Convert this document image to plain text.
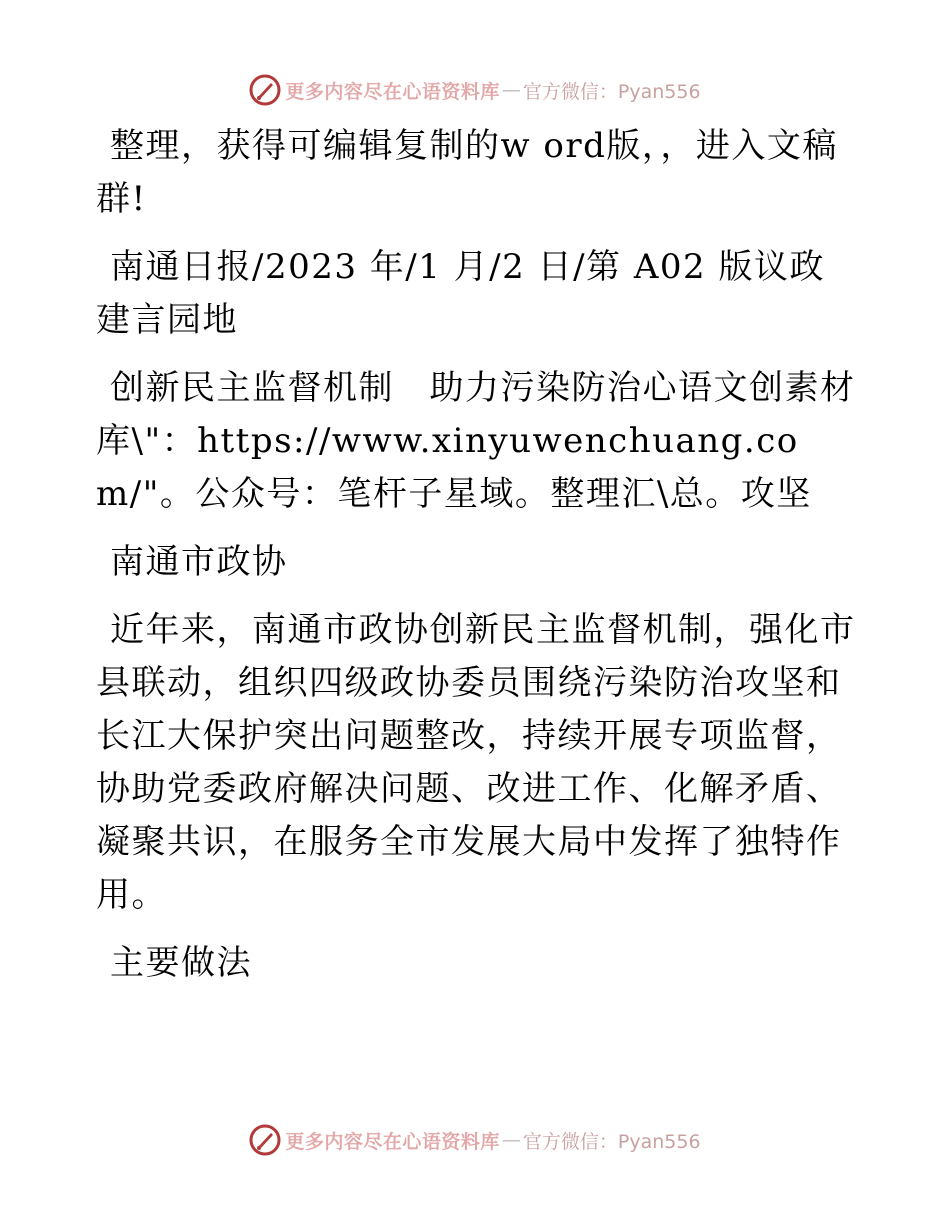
更多内容尽在心语资料库 — 官方微信：Pyan556

整理，获得可编辑复制的w ord版，，进入文稿群!

南通日报/2023 年/1 月/2 日/第 A02 版议政建言园地

创新民主监督机制　助力污染防治心语文创素材库\"：https://www.xinyuwenchuang.com/"。公众号：笔杆子星域。整理汇\总。攻坚

南通市政协

近年来，南通市政协创新民主监督机制，强化市县联动，组织四级政协委员围绕污染防治攻坚和长江大保护突出问题整改，持续开展专项监督，协助党委政府解决问题、改进工作、化解矛盾、凝聚共识，在服务全市发展大局中发挥了独特作用。

主要做法

更多内容尽在心语资料库 — 官方微信：Pyan556
